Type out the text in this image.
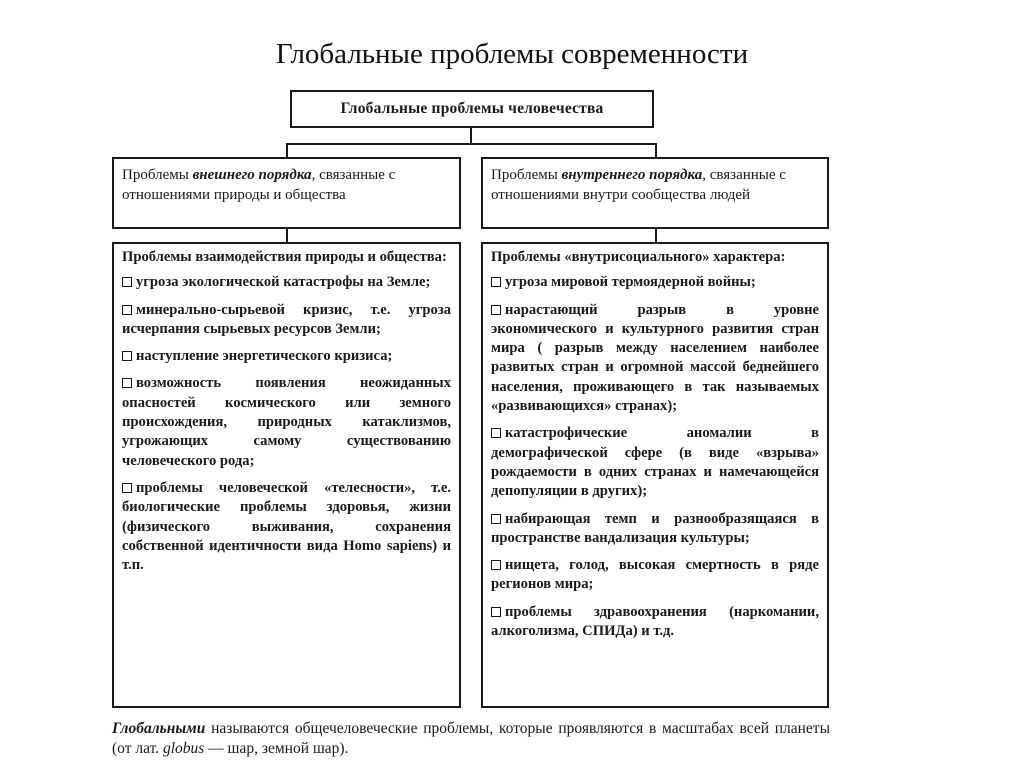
Глобальные проблемы современности
Глобальные проблемы человечества
Проблемы внешнего порядка, связанные с отношениями природы и общества
Проблемы внутреннего порядка, связанные с отношениями внутри сообщества людей
Проблемы взаимодействия природы и общества:
угроза экологической катастрофы на Земле;
минерально-сырьевой кризис, т.е. угроза исчерпания сырьевых ресурсов Земли;
наступление энергетического кризиса;
возможность появления неожиданных опасностей космического или земного происхождения, природных катаклизмов, угрожающих самому существованию человеческого рода;
проблемы человеческой «телесности», т.е. биологические проблемы здоровья, жизни (физического выживания, сохранения собственной идентичности вида Homo sapiens) и т.п.
Проблемы «внутрисоциального» характера:
угроза мировой термоядерной войны;
нарастающий разрыв в уровне экономического и культурного развития стран мира ( разрыв между населением наиболее развитых стран и огромной массой беднейшего населения, проживающего в так называемых «развивающихся» странах);
катастрофические аномалии в демографической сфере (в виде «взрыва» рождаемости в одних странах и намечающейся депопуляции в других);
набирающая темп и разнообразящаяся в пространстве вандализация культуры;
нищета, голод, высокая смертность в ряде регионов мира;
проблемы здравоохранения (наркомании, алкоголизма, СПИДа) и т.д.
Глобальными называются общечеловеческие проблемы, которые проявляются в масштабах всей планеты (от лат. globus — шар, земной шар).
